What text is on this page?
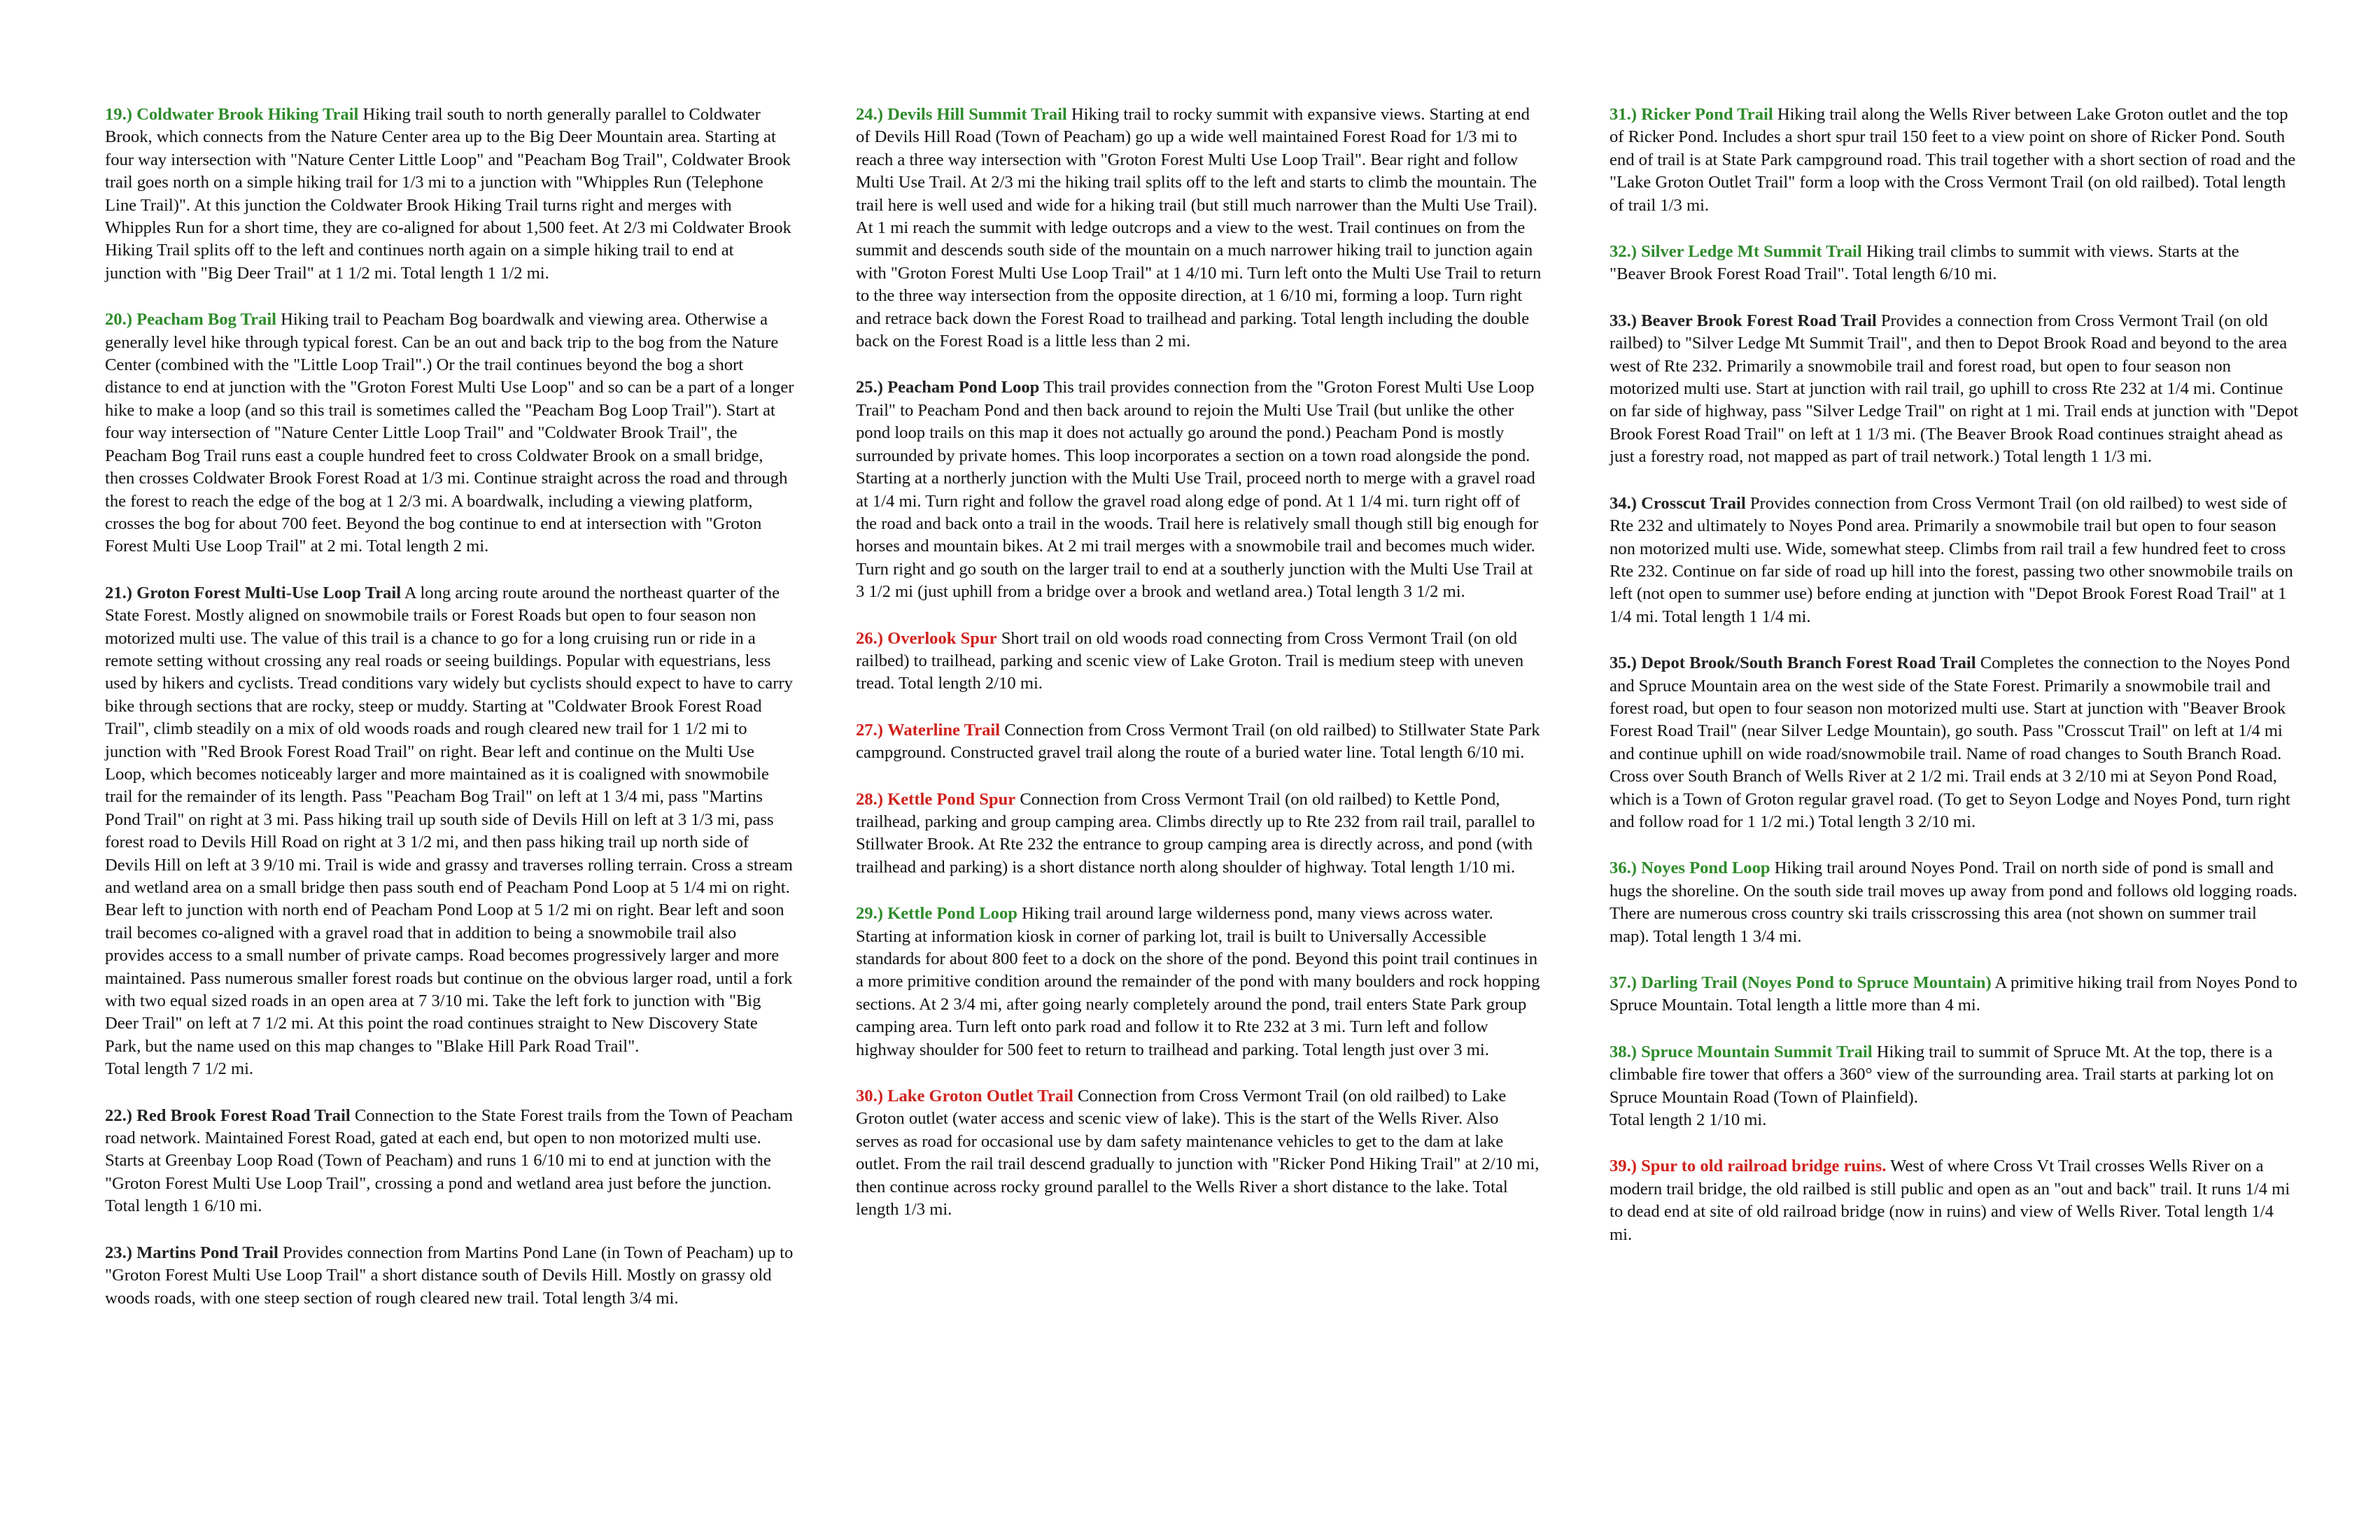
19.) Coldwater Brook Hiking Trail Hiking trail south to north generally parallel to Coldwater Brook, which connects from the Nature Center area up to the Big Deer Mountain area. Starting at four way intersection with "Nature Center Little Loop" and "Peacham Bog Trail", Coldwater Brook trail goes north on a simple hiking trail for 1/3 mi to a junction with "Whipples Run (Telephone Line Trail)". At this junction the Coldwater Brook Hiking Trail turns right and merges with Whipples Run for a short time, they are co-aligned for about 1,500 feet. At 2/3 mi Coldwater Brook Hiking Trail splits off to the left and continues north again on a simple hiking trail to end at junction with "Big Deer Trail" at 1 1/2 mi. Total length 1 1/2 mi.

20.) Peacham Bog Trail Hiking trail to Peacham Bog boardwalk and viewing area. Otherwise a generally level hike through typical forest. Can be an out and back trip to the bog from the Nature Center (combined with the "Little Loop Trail".) Or the trail continues beyond the bog a short distance to end at junction with the "Groton Forest Multi Use Loop" and so can be a part of a longer hike to make a loop (and so this trail is sometimes called the "Peacham Bog Loop Trail"). Start at four way intersection of "Nature Center Little Loop Trail" and "Coldwater Brook Trail", the Peacham Bog Trail runs east a couple hundred feet to cross Coldwater Brook on a small bridge, then crosses Coldwater Brook Forest Road at 1/3 mi. Continue straight across the road and through the forest to reach the edge of the bog at 1 2/3 mi. A boardwalk, including a viewing platform, crosses the bog for about 700 feet. Beyond the bog continue to end at intersection with "Groton Forest Multi Use Loop Trail" at 2 mi. Total length 2 mi.

21.) Groton Forest Multi-Use Loop Trail A long arcing route around the northeast quarter of the State Forest. Mostly aligned on snowmobile trails or Forest Roads but open to four season non motorized multi use. The value of this trail is a chance to go for a long cruising run or ride in a remote setting without crossing any real roads or seeing buildings. Popular with equestrians, less used by hikers and cyclists. Tread conditions vary widely but cyclists should expect to have to carry bike through sections that are rocky, steep or muddy. Starting at "Coldwater Brook Forest Road Trail", climb steadily on a mix of old woods roads and rough cleared new trail for 1 1/2 mi to junction with "Red Brook Forest Road Trail" on right. Bear left and continue on the Multi Use Loop, which becomes noticeably larger and more maintained as it is coaligned with snowmobile trail for the remainder of its length. Pass "Peacham Bog Trail" on left at 1 3/4 mi, pass "Martins Pond Trail" on right at 3 mi. Pass hiking trail up south side of Devils Hill on left at 3 1/3 mi, pass forest road to Devils Hill Road on right at 3 1/2 mi, and then pass hiking trail up north side of Devils Hill on left at 3 9/10 mi. Trail is wide and grassy and traverses rolling terrain. Cross a stream and wetland area on a small bridge then pass south end of Peacham Pond Loop at 5 1/4 mi on right. Bear left to junction with north end of Peacham Pond Loop at 5 1/2 mi on right. Bear left and soon trail becomes co-aligned with a gravel road that in addition to being a snowmobile trail also provides access to a small number of private camps. Road becomes progressively larger and more maintained. Pass numerous smaller forest roads but continue on the obvious larger road, until a fork with two equal sized roads in an open area at 7 3/10 mi. Take the left fork to junction with "Big Deer Trail" on left at 7 1/2 mi. At this point the road continues straight to New Discovery State Park, but the name used on this map changes to "Blake Hill Park Road Trail".
Total length 7 1/2 mi.

22.) Red Brook Forest Road Trail Connection to the State Forest trails from the Town of Peacham road network. Maintained Forest Road, gated at each end, but open to non motorized multi use. Starts at Greenbay Loop Road (Town of Peacham) and runs 1 6/10 mi to end at junction with the "Groton Forest Multi Use Loop Trail", crossing a pond and wetland area just before the junction. Total length 1 6/10 mi.

23.) Martins Pond Trail Provides connection from Martins Pond Lane (in Town of Peacham) up to "Groton Forest Multi Use Loop Trail" a short distance south of Devils Hill. Mostly on grassy old woods roads, with one steep section of rough cleared new trail. Total length 3/4 mi.

24.) Devils Hill Summit Trail Hiking trail to rocky summit with expansive views. Starting at end of Devils Hill Road (Town of Peacham) go up a wide well maintained Forest Road for 1/3 mi to reach a three way intersection with "Groton Forest Multi Use Loop Trail". Bear right and follow Multi Use Trail. At 2/3 mi the hiking trail splits off to the left and starts to climb the mountain. The trail here is well used and wide for a hiking trail (but still much narrower than the Multi Use Trail). At 1 mi reach the summit with ledge outcrops and a view to the west. Trail continues on from the summit and descends south side of the mountain on a much narrower hiking trail to junction again with "Groton Forest Multi Use Loop Trail" at 1 4/10 mi. Turn left onto the Multi Use Trail to return to the three way intersection from the opposite direction, at 1 6/10 mi, forming a loop. Turn right and retrace back down the Forest Road to trailhead and parking. Total length including the double back on the Forest Road is a little less than 2 mi.

25.) Peacham Pond Loop This trail provides connection from the "Groton Forest Multi Use Loop Trail" to Peacham Pond and then back around to rejoin the Multi Use Trail (but unlike the other pond loop trails on this map it does not actually go around the pond.) Peacham Pond is mostly surrounded by private homes. This loop incorporates a section on a town road alongside the pond. Starting at a northerly junction with the Multi Use Trail, proceed north to merge with a gravel road at 1/4 mi. Turn right and follow the gravel road along edge of pond. At 1 1/4 mi. turn right off of the road and back onto a trail in the woods. Trail here is relatively small though still big enough for horses and mountain bikes. At 2 mi trail merges with a snowmobile trail and becomes much wider. Turn right and go south on the larger trail to end at a southerly junction with the Multi Use Trail at 3 1/2 mi (just uphill from a bridge over a brook and wetland area.) Total length 3 1/2 mi.

26.) Overlook Spur Short trail on old woods road connecting from Cross Vermont Trail (on old railbed) to trailhead, parking and scenic view of Lake Groton. Trail is medium steep with uneven tread. Total length 2/10 mi.

27.) Waterline Trail Connection from Cross Vermont Trail (on old railbed) to Stillwater State Park campground. Constructed gravel trail along the route of a buried water line. Total length 6/10 mi.

28.) Kettle Pond Spur Connection from Cross Vermont Trail (on old railbed) to Kettle Pond, trailhead, parking and group camping area. Climbs directly up to Rte 232 from rail trail, parallel to Stillwater Brook. At Rte 232 the entrance to group camping area is directly across, and pond (with trailhead and parking) is a short distance north along shoulder of highway. Total length 1/10 mi.

29.) Kettle Pond Loop Hiking trail around large wilderness pond, many views across water. Starting at information kiosk in corner of parking lot, trail is built to Universally Accessible standards for about 800 feet to a dock on the shore of the pond. Beyond this point trail continues in a more primitive condition around the remainder of the pond with many boulders and rock hopping sections. At 2 3/4 mi, after going nearly completely around the pond, trail enters State Park group camping area. Turn left onto park road and follow it to Rte 232 at 3 mi. Turn left and follow highway shoulder for 500 feet to return to trailhead and parking. Total length just over 3 mi.

30.) Lake Groton Outlet Trail Connection from Cross Vermont Trail (on old railbed) to Lake Groton outlet (water access and scenic view of lake). This is the start of the Wells River. Also serves as road for occasional use by dam safety maintenance vehicles to get to the dam at lake outlet. From the rail trail descend gradually to junction with "Ricker Pond Hiking Trail" at 2/10 mi, then continue across rocky ground parallel to the Wells River a short distance to the lake. Total length 1/3 mi.

31.) Ricker Pond Trail Hiking trail along the Wells River between Lake Groton outlet and the top of Ricker Pond. Includes a short spur trail 150 feet to a view point on shore of Ricker Pond. South end of trail is at State Park campground road. This trail together with a short section of road and the "Lake Groton Outlet Trail" form a loop with the Cross Vermont Trail (on old railbed). Total length of trail 1/3 mi.

32.) Silver Ledge Mt Summit Trail Hiking trail climbs to summit with views. Starts at the "Beaver Brook Forest Road Trail". Total length 6/10 mi.

33.) Beaver Brook Forest Road Trail Provides a connection from Cross Vermont Trail (on old railbed) to "Silver Ledge Mt Summit Trail", and then to Depot Brook Road and beyond to the area west of Rte 232. Primarily a snowmobile trail and forest road, but open to four season non motorized multi use. Start at junction with rail trail, go uphill to cross Rte 232 at 1/4 mi. Continue on far side of highway, pass "Silver Ledge Trail" on right at 1 mi. Trail ends at junction with "Depot Brook Forest Road Trail" on left at 1 1/3 mi. (The Beaver Brook Road continues straight ahead as just a forestry road, not mapped as part of trail network.) Total length 1 1/3 mi.

34.) Crosscut Trail Provides connection from Cross Vermont Trail (on old railbed) to west side of Rte 232 and ultimately to Noyes Pond area. Primarily a snowmobile trail but open to four season non motorized multi use. Wide, somewhat steep. Climbs from rail trail a few hundred feet to cross Rte 232. Continue on far side of road up hill into the forest, passing two other snowmobile trails on left (not open to summer use) before ending at junction with "Depot Brook Forest Road Trail" at 1 1/4 mi. Total length 1 1/4 mi.

35.) Depot Brook/South Branch Forest Road Trail Completes the connection to the Noyes Pond and Spruce Mountain area on the west side of the State Forest. Primarily a snowmobile trail and forest road, but open to four season non motorized multi use. Start at junction with "Beaver Brook Forest Road Trail" (near Silver Ledge Mountain), go south. Pass "Crosscut Trail" on left at 1/4 mi and continue uphill on wide road/snowmobile trail. Name of road changes to South Branch Road. Cross over South Branch of Wells River at 2 1/2 mi. Trail ends at 3 2/10 mi at Seyon Pond Road, which is a Town of Groton regular gravel road. (To get to Seyon Lodge and Noyes Pond, turn right and follow road for 1 1/2 mi.) Total length 3 2/10 mi.

36.) Noyes Pond Loop Hiking trail around Noyes Pond. Trail on north side of pond is small and hugs the shoreline. On the south side trail moves up away from pond and follows old logging roads. There are numerous cross country ski trails crisscrossing this area (not shown on summer trail map). Total length 1 3/4 mi.

37.) Darling Trail (Noyes Pond to Spruce Mountain) A primitive hiking trail from Noyes Pond to Spruce Mountain. Total length a little more than 4 mi.

38.) Spruce Mountain Summit Trail Hiking trail to summit of Spruce Mt. At the top, there is a climbable fire tower that offers a 360° view of the surrounding area. Trail starts at parking lot on Spruce Mountain Road (Town of Plainfield).
Total length 2 1/10 mi.

39.) Spur to old railroad bridge ruins. West of where Cross Vt Trail crosses Wells River on a modern trail bridge, the old railbed is still public and open as an "out and back" trail. It runs 1/4 mi to dead end at site of old railroad bridge (now in ruins) and view of Wells River. Total length 1/4 mi.
